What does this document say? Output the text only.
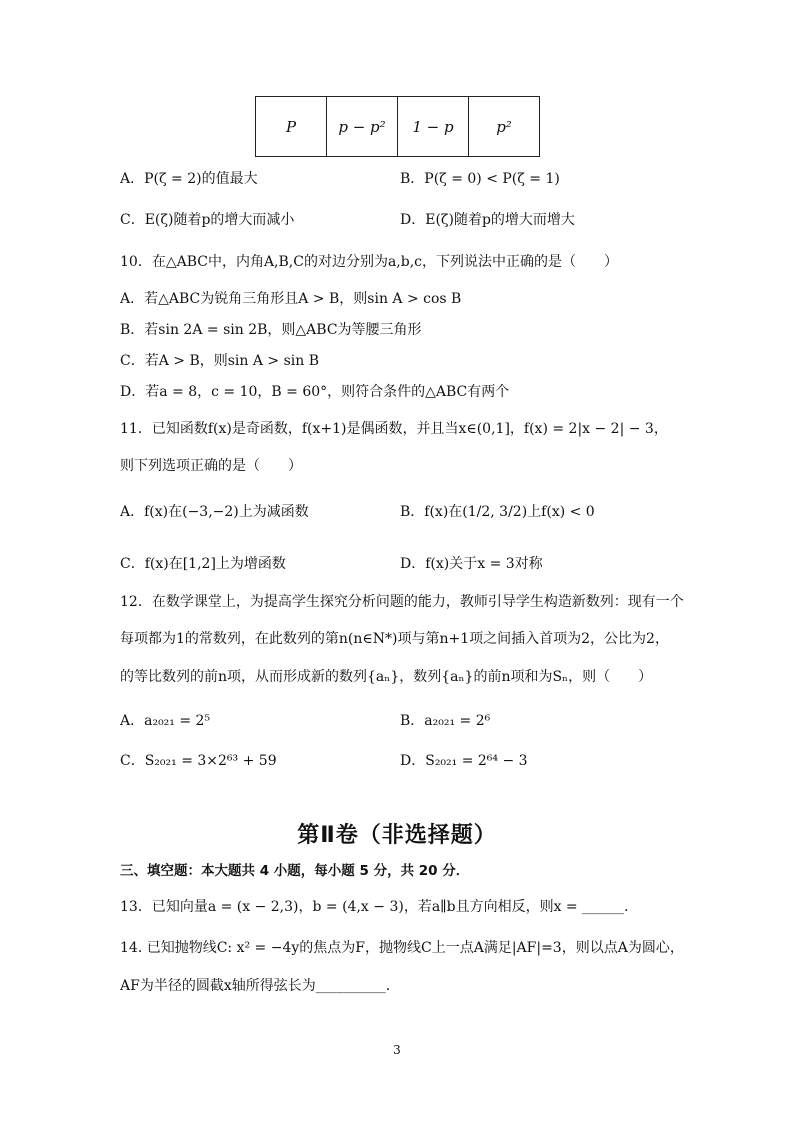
P	p − p²	1 − p	p²
A．P(ζ = 2)的值最大	B．P(ζ = 0) < P(ζ = 1)
C．E(ζ)随着p的增大而减小	D．E(ζ)随着p的增大而增大
10．在△ABC中，内角A,B,C的对边分别为a,b,c，下列说法中正确的是（　　）
A．若△ABC为锐角三角形且A > B，则sin A > cos B
B．若sin 2A = sin 2B，则△ABC为等腰三角形
C．若A > B，则sin A > sin B
D．若a = 8，c = 10，B = 60°，则符合条件的△ABC有两个
11．已知函数f(x)是奇函数，f(x+1)是偶函数，并且当x∈(0,1]，f(x) = 2|x − 2| − 3，
则下列选项正确的是（　　）
A．f(x)在(−3,−2)上为减函数	B．f(x)在(1/2, 3/2)上f(x) < 0
C．f(x)在[1,2]上为增函数	D．f(x)关于x = 3对称
12．在数学课堂上，为提高学生探究分析问题的能力，教师引导学生构造新数列：现有一个
每项都为1的常数列，在此数列的第n(n∈N*)项与第n+1项之间插入首项为2，公比为2，
的等比数列的前n项，从而形成新的数列{aₙ}，数列{aₙ}的前n项和为Sₙ，则（　　）
A．a₂₀₂₁ = 2⁵	B．a₂₀₂₁ = 2⁶
C．S₂₀₂₁ = 3×2⁶³ + 59	D．S₂₀₂₁ = 2⁶⁴ − 3
第Ⅱ卷（非选择题）
三、填空题：本大题共 4 小题，每小题 5 分，共 20 分．
13．已知向量a = (x − 2,3)，b = (4,x − 3)，若a∥b且方向相反，则x = ______．
14. 已知抛物线C: x² = −4y的焦点为F，抛物线C上一点A满足|AF|=3，则以点A为圆心，
AF为半径的圆截x轴所得弦长为__________．
3
